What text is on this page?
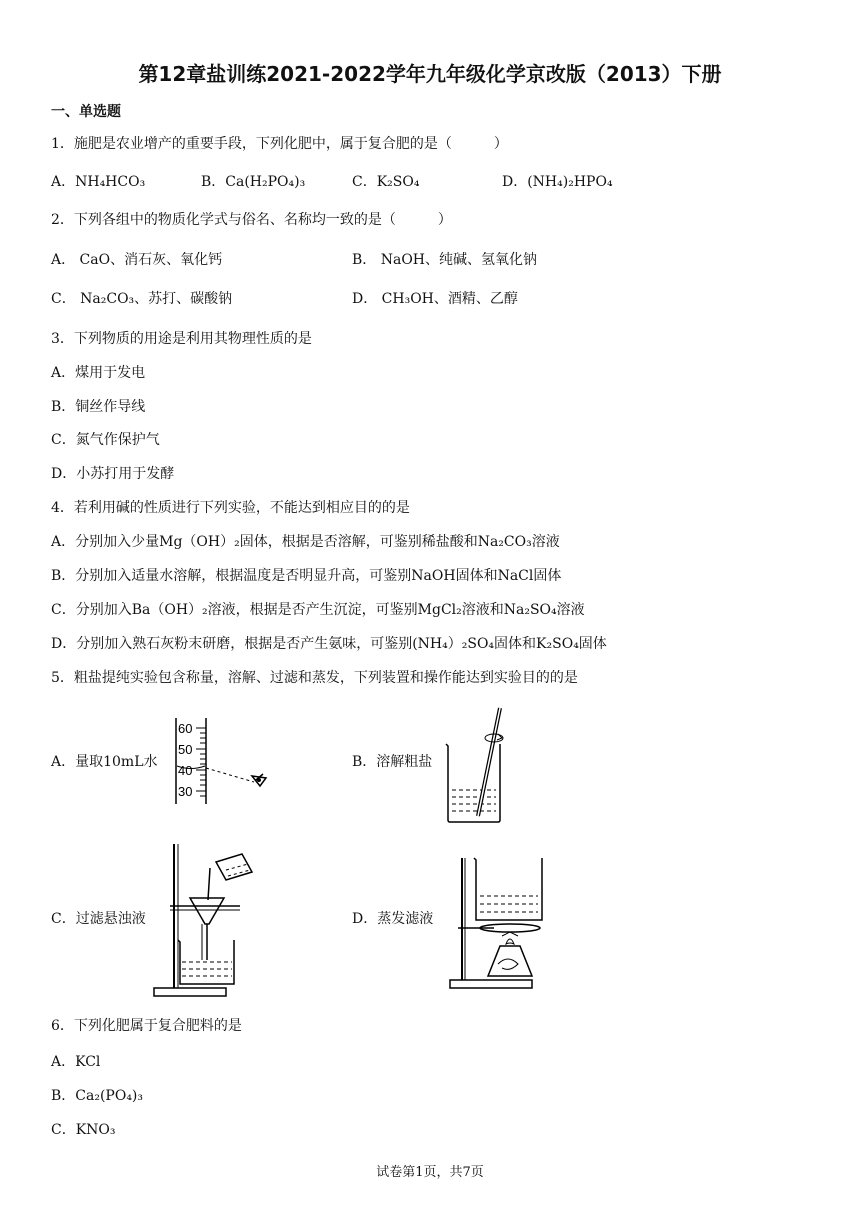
第12章盐训练2021-2022学年九年级化学京改版（2013）下册
一、单选题
1．施肥是农业增产的重要手段，下列化肥中，属于复合肥的是（　　　）
A．NH₄HCO₃	B．Ca(H₂PO₄)₃	C．K₂SO₄	D．(NH₄)₂HPO₄
2．下列各组中的物质化学式与俗名、名称均一致的是（　　　）
A． CaO、消石灰、氧化钙	B． NaOH、纯碱、氢氧化钠
C． Na₂CO₃、苏打、碳酸钠	D． CH₃OH、酒精、乙醇
3．下列物质的用途是利用其物理性质的是
A．煤用于发电
B．铜丝作导线
C．氮气作保护气
D．小苏打用于发酵
4．若利用碱的性质进行下列实验，不能达到相应目的的是
A．分别加入少量Mg（OH）₂固体，根据是否溶解，可鉴别稀盐酸和Na₂CO₃溶液
B．分别加入适量水溶解，根据温度是否明显升高，可鉴别NaOH固体和NaCl固体
C．分别加入Ba（OH）₂溶液，根据是否产生沉淀，可鉴别MgCl₂溶液和Na₂SO₄溶液
D．分别加入熟石灰粉末研磨，根据是否产生氨味，可鉴别(NH₄）₂SO₄固体和K₂SO₄固体
5．粗盐提纯实验包含称量，溶解、过滤和蒸发，下列装置和操作能达到实验目的的是
A．量取10mL水	B．溶解粗盐
C．过滤悬浊液	D．蒸发滤液
60
50
40
30
6．下列化肥属于复合肥料的是
A．KCl
B．Ca₂(PO₄)₃
C．KNO₃
试卷第1页，共7页
